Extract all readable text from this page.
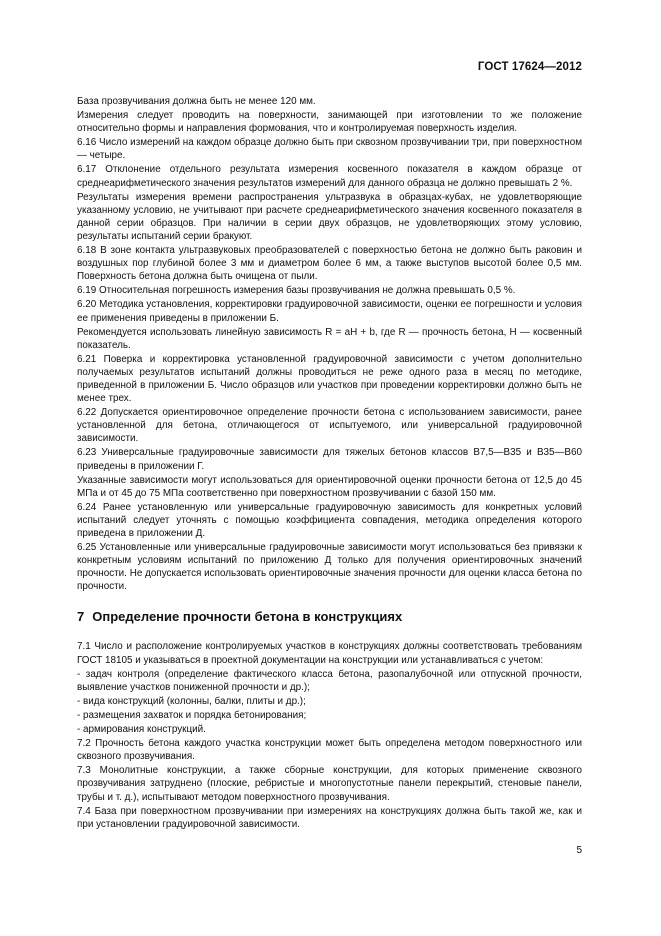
ГОСТ 17624—2012

База прозвучивания должна быть не менее 120 мм.

Измерения следует проводить на поверхности, занимающей при изготовлении то же положение относительно формы и направления формования, что и контролируемая поверхность изделия.

6.16 Число измерений на каждом образце должно быть при сквозном прозвучивании три, при поверхностном — четыре.

6.17 Отклонение отдельного результата измерения косвенного показателя в каждом образце от среднеарифметического значения результатов измерений для данного образца не должно превышать 2 %.

Результаты измерения времени распространения ультразвука в образцах-кубах, не удовлетворяющие указанному условию, не учитывают при расчете среднеарифметического значения косвенного показателя в данной серии образцов. При наличии в серии двух образцов, не удовлетворяющих этому условию, результаты испытаний серии бракуют.

6.18 В зоне контакта ультразвуковых преобразователей с поверхностью бетона не должно быть раковин и воздушных пор глубиной более 3 мм и диаметром более 6 мм, а также выступов высотой более 0,5 мм. Поверхность бетона должна быть очищена от пыли.

6.19 Относительная погрешность измерения базы прозвучивания не должна превышать 0,5 %.

6.20 Методика установления, корректировки градуировочной зависимости, оценки ее погрешности и условия ее применения приведены в приложении Б.

Рекомендуется использовать линейную зависимость R = aH + b, где R — прочность бетона, H — косвенный показатель.

6.21 Поверка и корректировка установленной градуировочной зависимости с учетом дополнительно получаемых результатов испытаний должны проводиться не реже одного раза в месяц по методике, приведенной в приложении Б. Число образцов или участков при проведении корректировки должно быть не менее трех.

6.22 Допускается ориентировочное определение прочности бетона с использованием зависимости, ранее установленной для бетона, отличающегося от испытуемого, или универсальной градуировочной зависимости.

6.23 Универсальные градуировочные зависимости для тяжелых бетонов классов В7,5—В35 и В35—В60 приведены в приложении Г.

Указанные зависимости могут использоваться для ориентировочной оценки прочности бетона от 12,5 до 45 МПа и от 45 до 75 МПа соответственно при поверхностном прозвучивании с базой 150 мм.

6.24 Ранее установленную или универсальные градуировочную зависимость для конкретных условий испытаний следует уточнять с помощью коэффициента совпадения, методика определения которого приведена в приложении Д.

6.25 Установленные или универсальные градуировочные зависимости могут использоваться без привязки к конкретным условиям испытаний по приложению Д только для получения ориентировочных значений прочности. Не допускается использовать ориентировочные значения прочности для оценки класса бетона по прочности.

7 Определение прочности бетона в конструкциях

7.1 Число и расположение контролируемых участков в конструкциях должны соответствовать требованиям ГОСТ 18105 и указываться в проектной документации на конструкции или устанавливаться с учетом:

- задач контроля (определение фактического класса бетона, разопалубочной или отпускной прочности, выявление участков пониженной прочности и др.);

- вида конструкций (колонны, балки, плиты и др.);

- размещения захваток и порядка бетонирования;

- армирования конструкций.

7.2 Прочность бетона каждого участка конструкции может быть определена методом поверхностного или сквозного прозвучивания.

7.3 Монолитные конструкции, а также сборные конструкции, для которых применение сквозного прозвучивания затруднено (плоские, ребристые и многопустотные панели перекрытий, стеновые панели, трубы и т. д.), испытывают методом поверхностного прозвучивания.

7.4 База при поверхностном прозвучивании при измерениях на конструкциях должна быть такой же, как и при установлении градуировочной зависимости.

5
